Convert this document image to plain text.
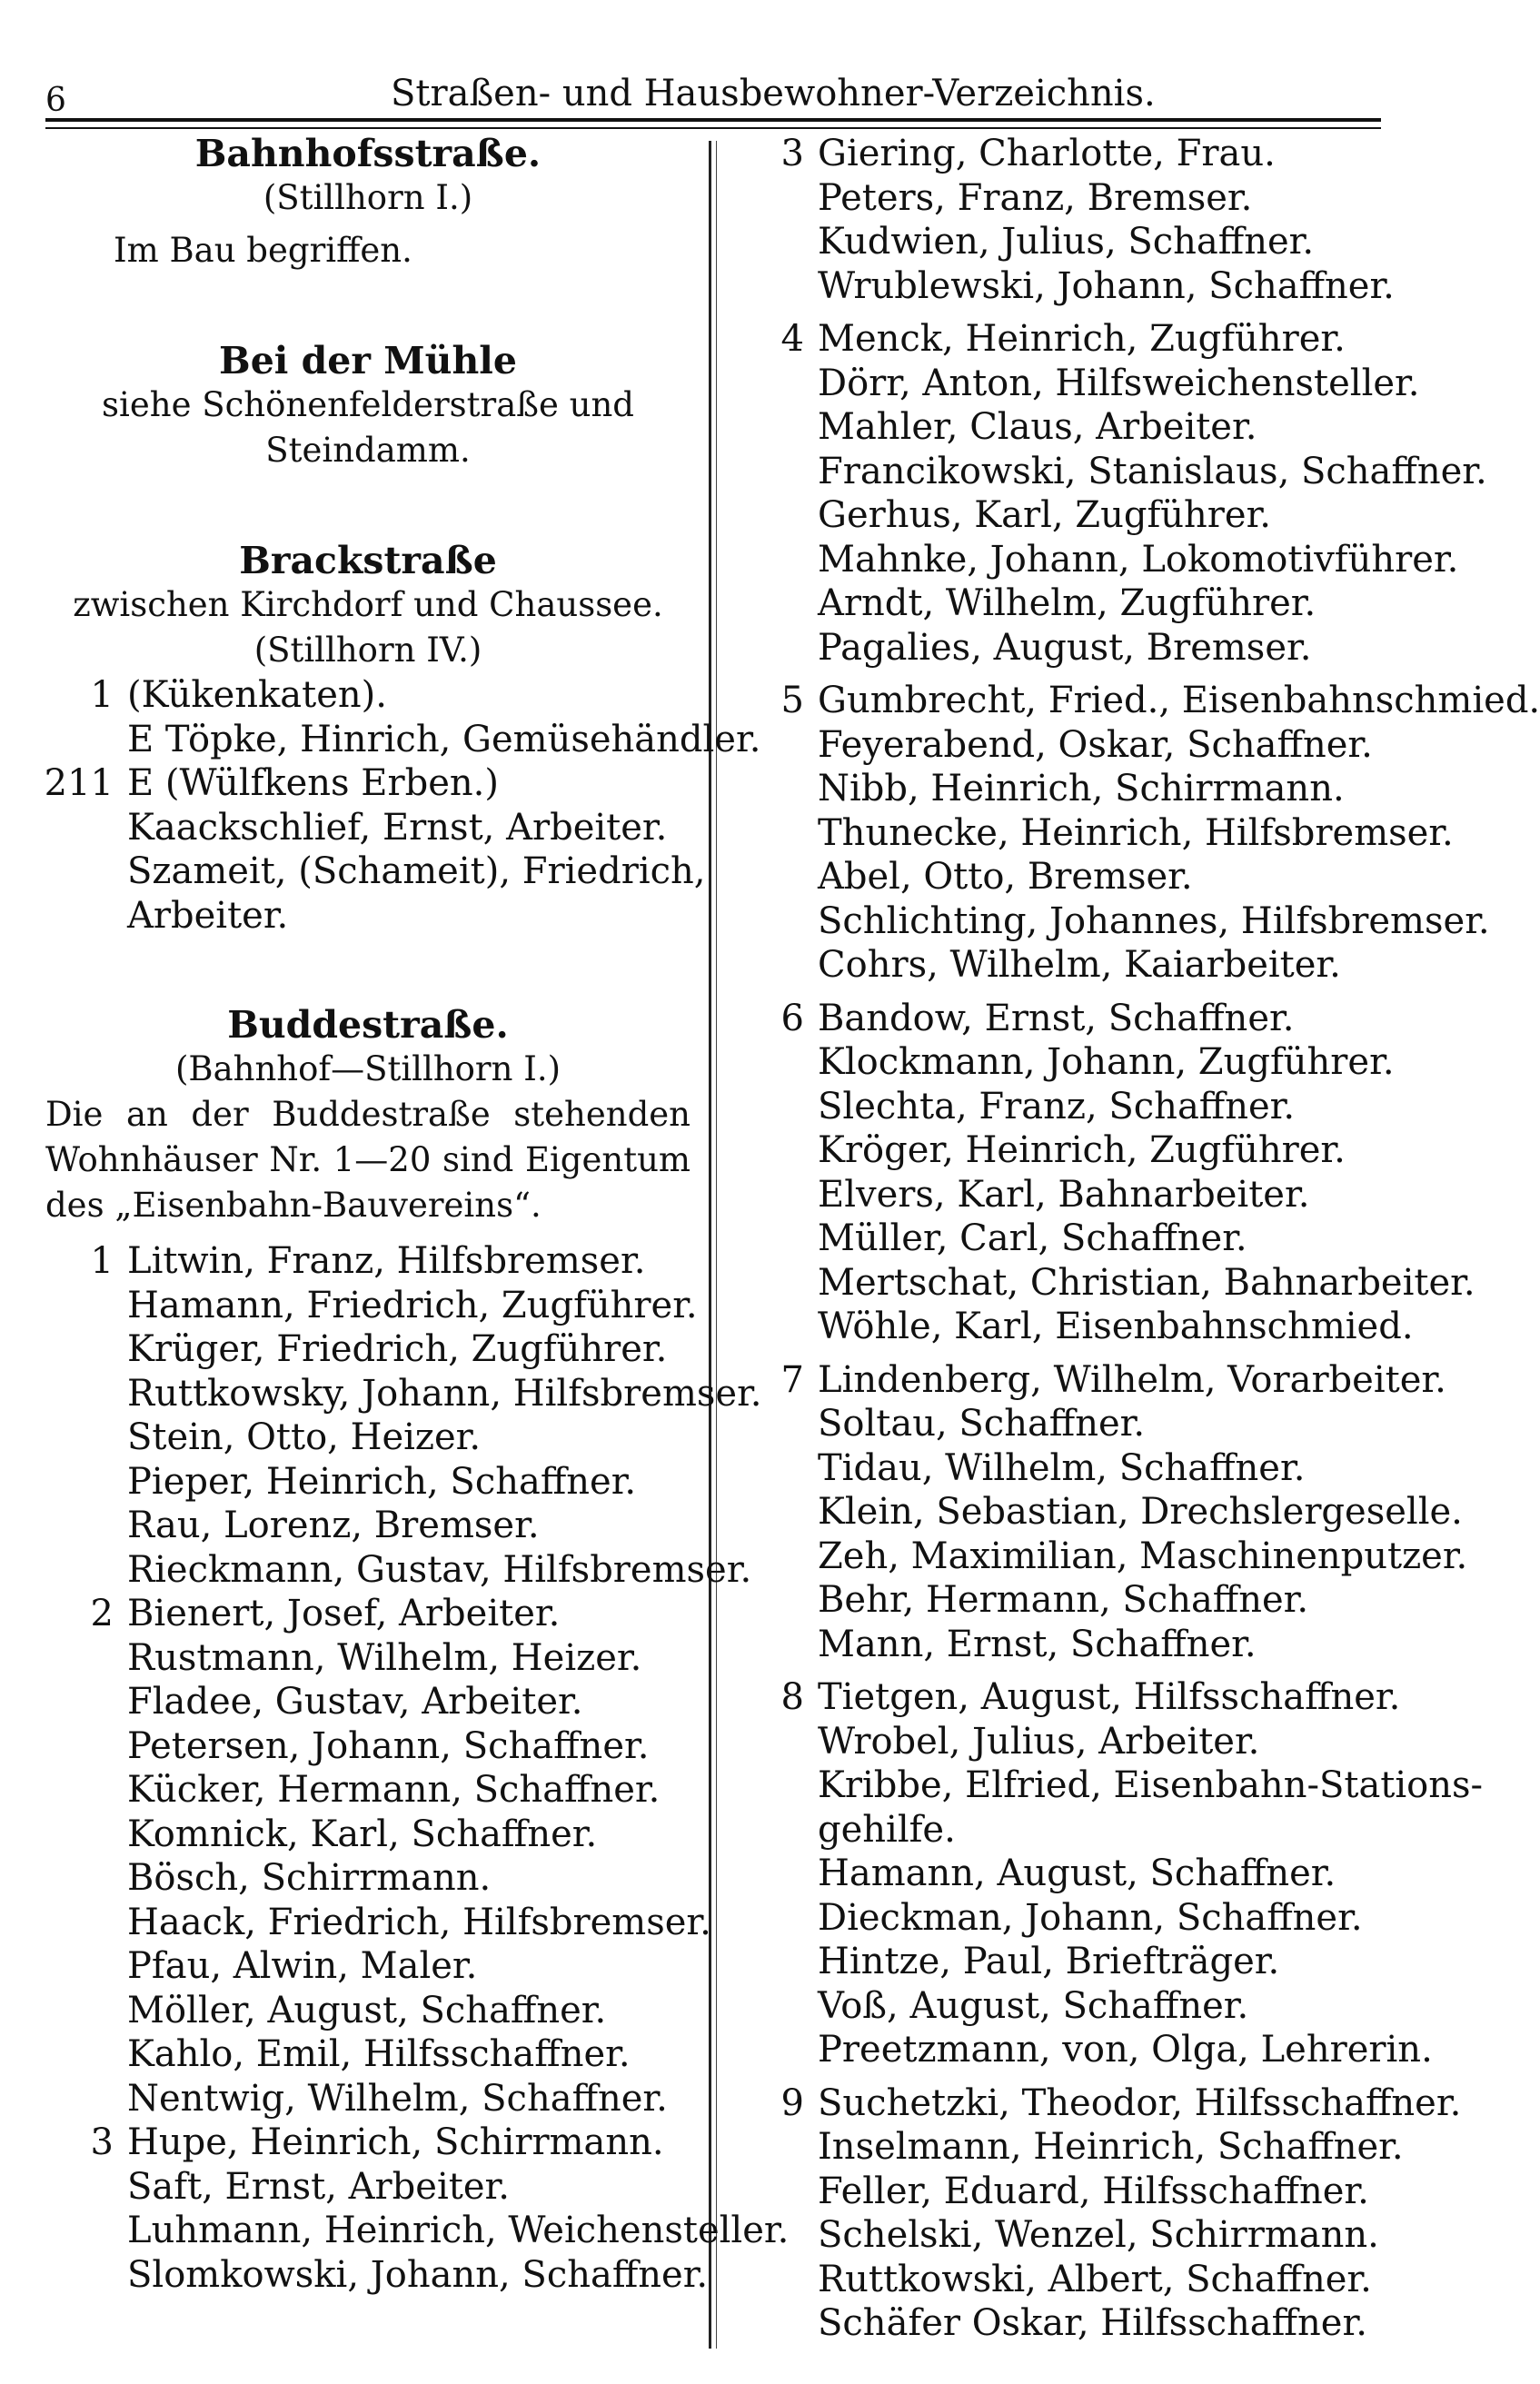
6	Straßen- und Hausbewohner-Verzeichnis.
Bahnhofsstraße.
(Stillhorn I.)
Im Bau begriffen.
Bei der Mühle
siehe Schönenfelderstraße und Steindamm.
Brackstraße
zwischen Kirchdorf und Chaussee.
(Stillhorn IV.)
1 (Kükenkaten).
E Töpke, Hinrich, Gemüsehändler.
211 E (Wülfkens Erben.)
Kaackschlief, Ernst, Arbeiter.
Szameit, (Schameit), Friedrich,
Arbeiter.
Buddestraße.
(Bahnhof—Stillhorn I.)
Die an der Buddestraße stehenden Wohnhäuser Nr. 1—20 sind Eigentum des „Eisenbahn-Bauvereins“.
1 Litwin, Franz, Hilfsbremser.
Hamann, Friedrich, Zugführer.
Krüger, Friedrich, Zugführer.
Ruttkowsky, Johann, Hilfsbremser.
Stein, Otto, Heizer.
Pieper, Heinrich, Schaffner.
Rau, Lorenz, Bremser.
Rieckmann, Gustav, Hilfsbremser.
2 Bienert, Josef, Arbeiter.
Rustmann, Wilhelm, Heizer.
Fladee, Gustav, Arbeiter.
Petersen, Johann, Schaffner.
Kücker, Hermann, Schaffner.
Komnick, Karl, Schaffner.
Bösch, Schirrmann.
Haack, Friedrich, Hilfsbremser.
Pfau, Alwin, Maler.
Möller, August, Schaffner.
Kahlo, Emil, Hilfsschaffner.
Nentwig, Wilhelm, Schaffner.
3 Hupe, Heinrich, Schirrmann.
Saft, Ernst, Arbeiter.
Luhmann, Heinrich, Weichensteller.
Slomkowski, Johann, Schaffner.
3 Giering, Charlotte, Frau.
Peters, Franz, Bremser.
Kudwien, Julius, Schaffner.
Wrublewski, Johann, Schaffner.
4 Menck, Heinrich, Zugführer.
Dörr, Anton, Hilfsweichensteller.
Mahler, Claus, Arbeiter.
Francikowski, Stanislaus, Schaffner.
Gerhus, Karl, Zugführer.
Mahnke, Johann, Lokomotivführer.
Arndt, Wilhelm, Zugführer.
Pagalies, August, Bremser.
5 Gumbrecht, Fried., Eisenbahnschmied.
Feyerabend, Oskar, Schaffner.
Nibb, Heinrich, Schirrmann.
Thunecke, Heinrich, Hilfsbremser.
Abel, Otto, Bremser.
Schlichting, Johannes, Hilfsbremser.
Cohrs, Wilhelm, Kaiarbeiter.
6 Bandow, Ernst, Schaffner.
Klockmann, Johann, Zugführer.
Slechta, Franz, Schaffner.
Kröger, Heinrich, Zugführer.
Elvers, Karl, Bahnarbeiter.
Müller, Carl, Schaffner.
Mertschat, Christian, Bahnarbeiter.
Wöhle, Karl, Eisenbahnschmied.
7 Lindenberg, Wilhelm, Vorarbeiter.
Soltau, Schaffner.
Tidau, Wilhelm, Schaffner.
Klein, Sebastian, Drechslergeselle.
Zeh, Maximilian, Maschinenputzer.
Behr, Hermann, Schaffner.
Mann, Ernst, Schaffner.
8 Tietgen, August, Hilfsschaffner.
Wrobel, Julius, Arbeiter.
Kribbe, Elfried, Eisenbahn-Stations-
gehilfe.
Hamann, August, Schaffner.
Dieckman, Johann, Schaffner.
Hintze, Paul, Briefträger.
Voß, August, Schaffner.
Preetzmann, von, Olga, Lehrerin.
9 Suchetzki, Theodor, Hilfsschaffner.
Inselmann, Heinrich, Schaffner.
Feller, Eduard, Hilfsschaffner.
Schelski, Wenzel, Schirrmann.
Ruttkowski, Albert, Schaffner.
Schäfer Oskar, Hilfsschaffner.
